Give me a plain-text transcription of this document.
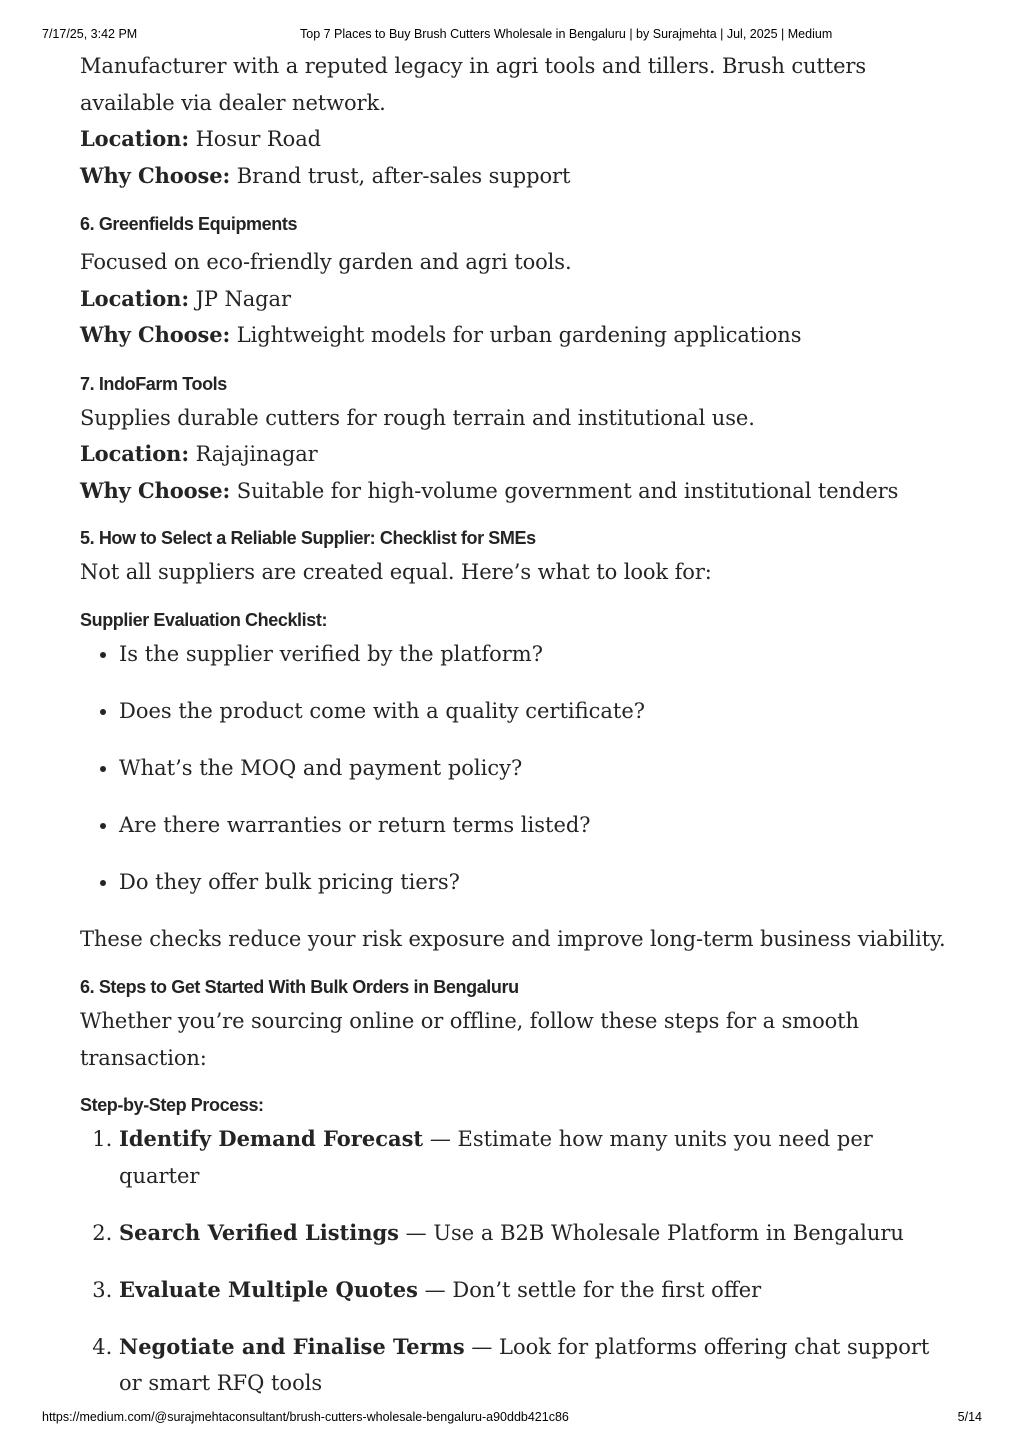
7/17/25, 3:42 PM	Top 7 Places to Buy Brush Cutters Wholesale in Bengaluru | by Surajmehta | Jul, 2025 | Medium

Manufacturer with a reputed legacy in agri tools and tillers. Brush cutters available via dealer network.

Location: Hosur Road

Why Choose: Brand trust, after-sales support

6. Greenfields Equipments

Focused on eco-friendly garden and agri tools.

Location: JP Nagar

Why Choose: Lightweight models for urban gardening applications

7. IndoFarm Tools

Supplies durable cutters for rough terrain and institutional use.

Location: Rajajinagar

Why Choose: Suitable for high-volume government and institutional tenders

5. How to Select a Reliable Supplier: Checklist for SMEs

Not all suppliers are created equal. Here’s what to look for:

Supplier Evaluation Checklist:
• Is the supplier verified by the platform?
• Does the product come with a quality certificate?
• What’s the MOQ and payment policy?
• Are there warranties or return terms listed?
• Do they offer bulk pricing tiers?

These checks reduce your risk exposure and improve long-term business viability.

6. Steps to Get Started With Bulk Orders in Bengaluru

Whether you’re sourcing online or offline, follow these steps for a smooth transaction:

Step-by-Step Process:
1. Identify Demand Forecast — Estimate how many units you need per quarter
2. Search Verified Listings — Use a B2B Wholesale Platform in Bengaluru
3. Evaluate Multiple Quotes — Don’t settle for the first offer
4. Negotiate and Finalise Terms — Look for platforms offering chat support or smart RFQ tools
https://medium.com/@surajmehtaconsultant/brush-cutters-wholesale-bengaluru-a90ddb421c86	5/14
